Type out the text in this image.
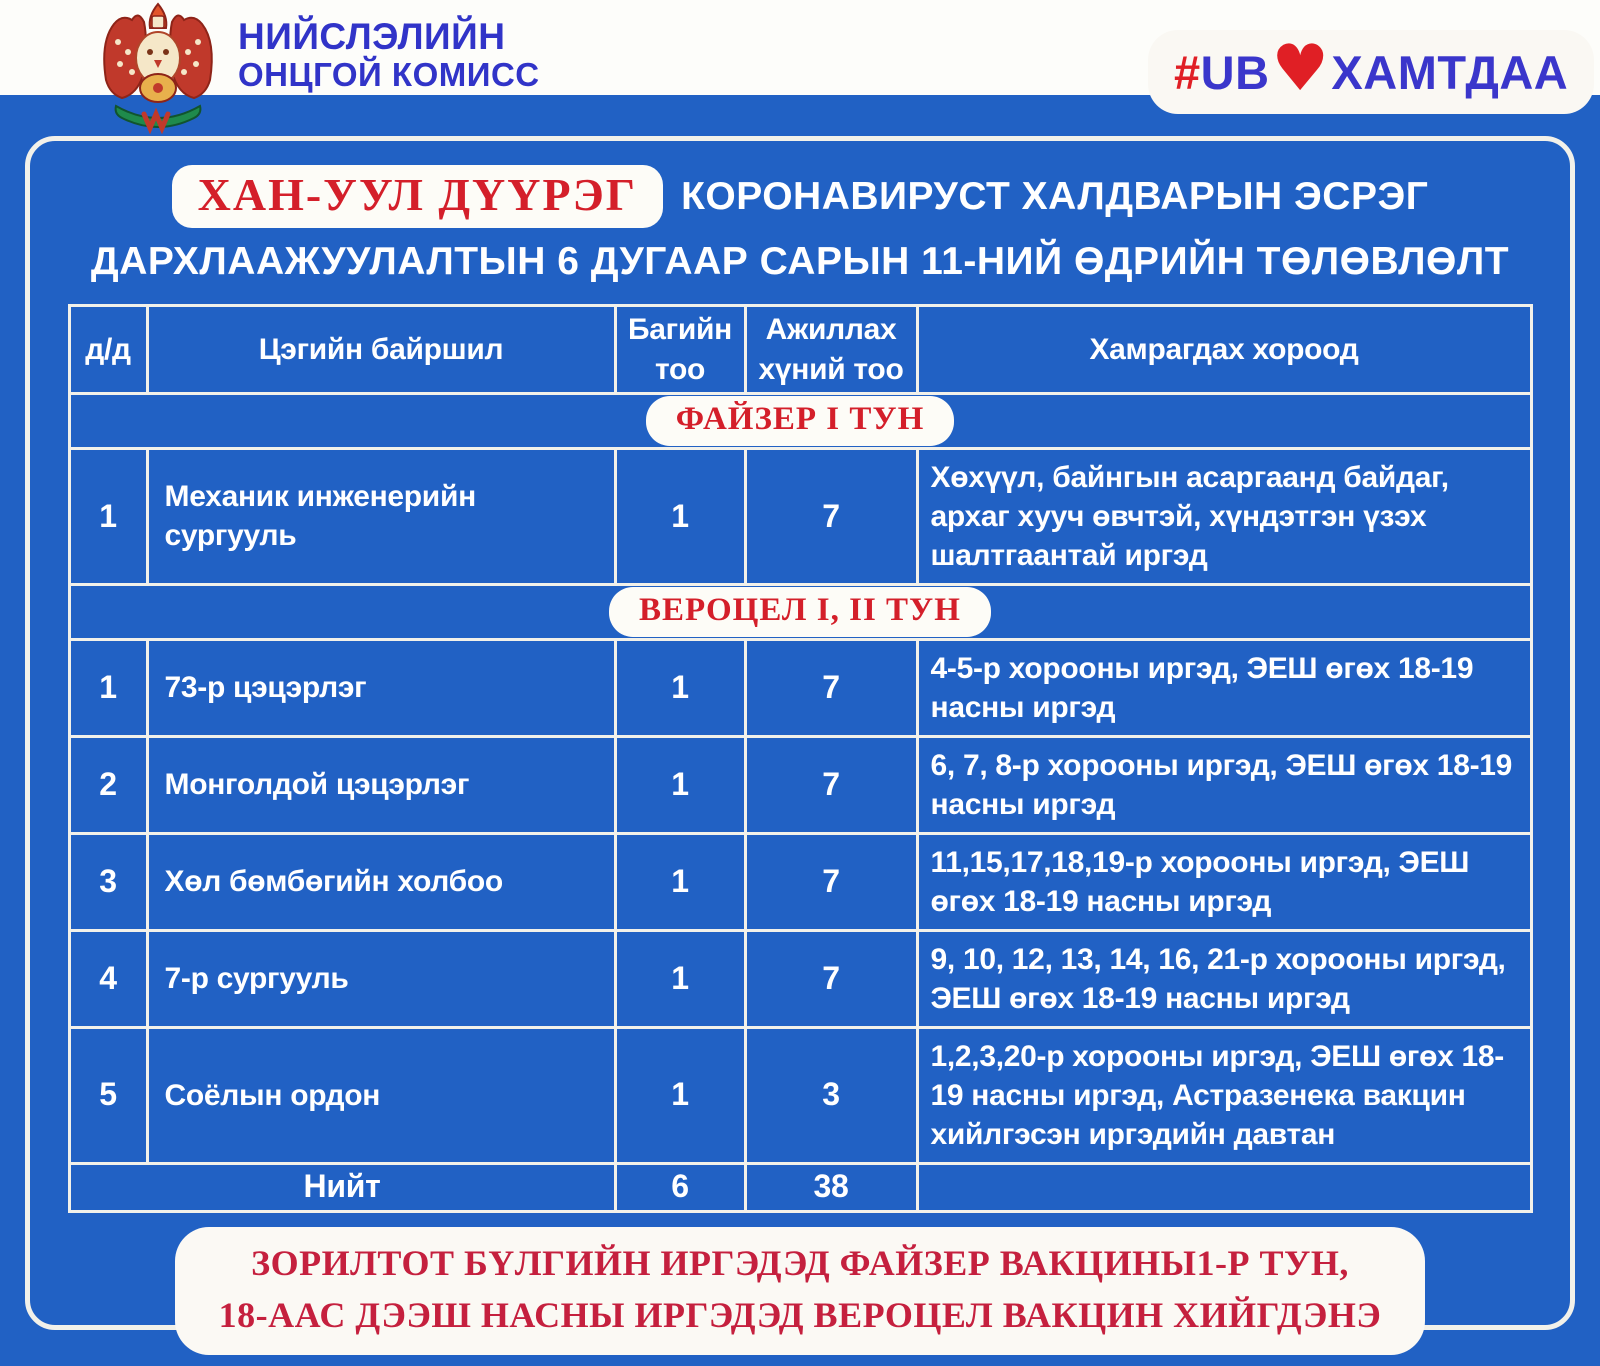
НИЙСЛЭЛИЙН
ОНЦГОЙ КОМИСС	# UB ♥ ХАМТДАА
ХАН-УУЛ ДҮҮРЭГ	КОРОНАВИРУСТ ХАЛДВАРЫН ЭСРЭГ
ДАРХЛААЖУУЛАЛТЫН 6 ДУГААР САРЫН 11-НИЙ ӨДРИЙН ТӨЛӨВЛӨЛТ
д/д	Цэгийн байршил	Багийн тоо	Ажиллах хүний тоо	Хамрагдах хороод
ФАЙЗЕР I ТУН				
1	Механик инженерийн сургууль	1	7	Хөхүүл, байнгын асаргаанд байдаг, архаг хууч өвчтэй, хүндэтгэн үзэх шалтгаантай иргэд
ВЕРОЦЕЛ I, II ТУН				
1	73-р цэцэрлэг	1	7	4-5-р хорооны иргэд, ЭЕШ өгөх 18-19 насны иргэд
2	Монголдой цэцэрлэг	1	7	6, 7, 8-р хорооны иргэд, ЭЕШ өгөх 18-19 насны иргэд
3	Хөл бөмбөгийн холбоо	1	7	11,15,17,18,19-р хорооны иргэд, ЭЕШ өгөх 18-19 насны иргэд
4	7-р сургууль	1	7	9, 10, 12, 13, 14, 16, 21-р хорооны иргэд, ЭЕШ өгөх 18-19 насны иргэд
5	Соёлын ордон	1	3	1,2,3,20-р хорооны иргэд, ЭЕШ өгөх 18-19 насны иргэд, Астразенека вакцин хийлгэсэн иргэдийн давтан
Нийт		6	38	
ЗОРИЛТОТ БҮЛГИЙН ИРГЭДЭД ФАЙЗЕР ВАКЦИНЫ1-Р ТУН,
18-ААС ДЭЭШ НАСНЫ ИРГЭДЭД ВЕРОЦЕЛ ВАКЦИН ХИЙГДЭНЭ
